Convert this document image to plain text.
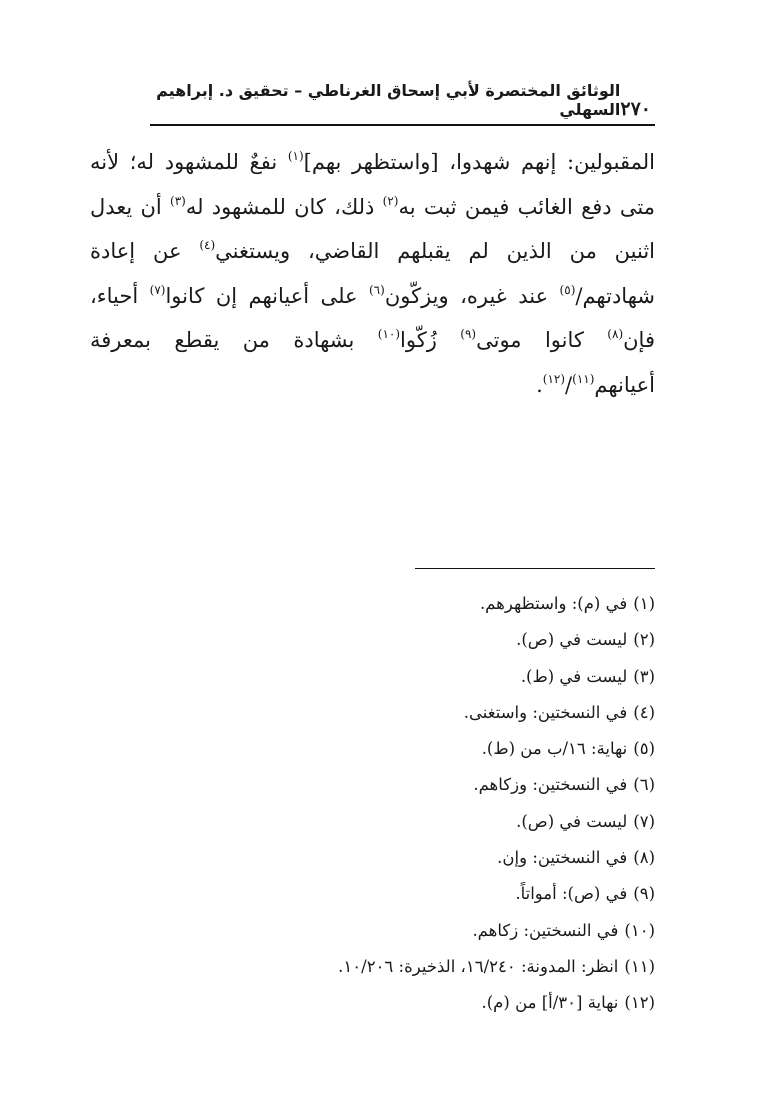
٢٧٠
الوثائق المختصرة لأبي إسحاق الغرناطي – تحقيق د. إبراهيم السهلي
المقبولين: إنهم شهدوا، [واستظهر بهم]$^{(١)}$ نفعٌ للمشهود له؛ لأنه متى دفع الغائب فيمن ثبت به$^{(٢)}$ ذلك، كان للمشهود له$^{(٣)}$ أن يعدل اثنين من الذين لم يقبلهم القاضي، ويستغني$^{(٤)}$ عن إعادة شهادتهم/$^{(٥)}$ عند غيره، ويزكّون$^{(٦)}$ على أعيانهم إن كانوا$^{(٧)}$ أحياء، فإن$^{(٨)}$ كانوا موتى$^{(٩)}$ زُكّوا$^{(١٠)}$ بشهادة من يقطع بمعرفة أعيانهم$^{(١١)}$/$^{(١٢)}$.
(١)في (م): واستظهرهم.
(٢)ليست في (ص).
(٣)ليست في (ط).
(٤)في النسختين: واستغنى.
(٥)نهاية: ١٦/ب من (ط).
(٦)في النسختين: وزكاهم.
(٧)ليست في (ص).
(٨)في النسختين: وإن.
(٩)في (ص): أمواتاً.
(١٠)في النسختين: زكاهم.
(١١)انظر: المدونة: ١٦/٢٤٠، الذخيرة: ١٠/٢٠٦.
(١٢)نهاية [٣٠/أ] من (م).
